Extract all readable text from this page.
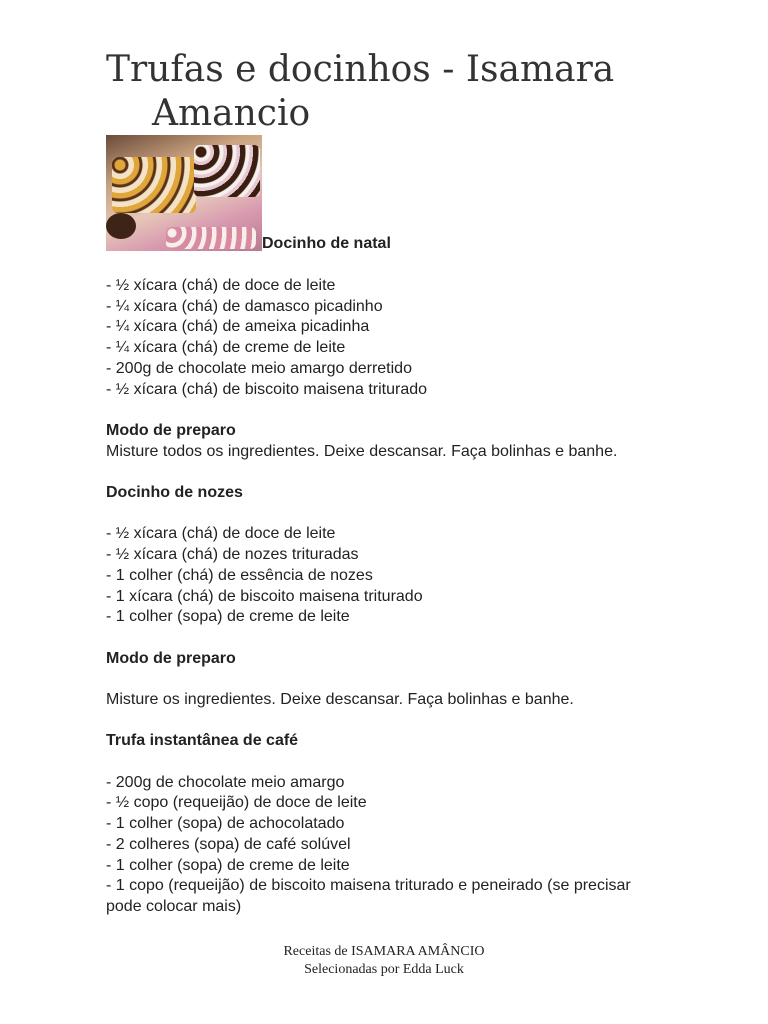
Trufas e docinhos - Isamara
Amancio
Docinho de natal

- ½ xícara (chá) de doce de leite

- ¼ xícara (chá) de damasco picadinho

- ¼ xícara (chá) de ameixa picadinha

- ¼ xícara (chá) de creme de leite

- 200g de chocolate meio amargo derretido

- ½ xícara (chá) de biscoito maisena triturado

Modo de preparo

Misture todos os ingredientes. Deixe descansar. Faça bolinhas e banhe.

Docinho de nozes

- ½ xícara (chá) de doce de leite

- ½ xícara (chá) de nozes trituradas

- 1 colher (chá) de essência de nozes

- 1 xícara (chá) de biscoito maisena triturado

- 1 colher (sopa) de creme de leite

Modo de preparo

Misture os ingredientes. Deixe descansar. Faça bolinhas e banhe.

Trufa instantânea de café

- 200g de chocolate meio amargo

- ½ copo (requeijão) de doce de leite

- 1 colher (sopa) de achocolatado

- 2 colheres (sopa) de café solúvel

- 1 colher (sopa) de creme de leite

- 1 copo (requeijão) de biscoito maisena triturado e peneirado (se precisar pode colocar mais)

Receitas de ISAMARA AMÂNCIO
Selecionadas por Edda Luck
